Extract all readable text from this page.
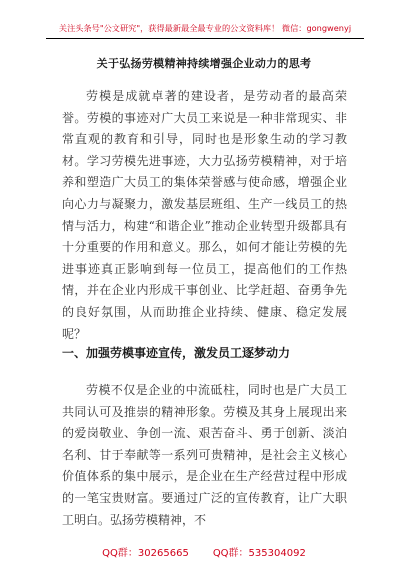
关注头条号"公文研究"，获得最新最全最专业的公文资料库！ 微信：gongwenyj
关于弘扬劳模精神持续增强企业动力的思考

劳模是成就卓著的建设者，是劳动者的最高荣誉。劳模的事迹对广大员工来说是一种非常现实、非常直观的教育和引导，同时也是形象生动的学习教材。学习劳模先进事迹，大力弘扬劳模精神，对于培养和塑造广大员工的集体荣誉感与使命感，增强企业向心力与凝聚力，激发基层班组、生产一线员工的热情与活力，构建“和谐企业”推动企业转型升级都具有十分重要的作用和意义。那么，如何才能让劳模的先进事迹真正影响到每一位员工，提高他们的工作热情，并在企业内形成干事创业、比学赶超、奋勇争先的良好氛围，从而助推企业持续、健康、稳定发展呢？

一、加强劳模事迹宣传，激发员工逐梦动力

劳模不仅是企业的中流砥柱，同时也是广大员工共同认可及推崇的精神形象。劳模及其身上展现出来的爱岗敬业、争创一流、艰苦奋斗、勇于创新、淡泊名利、甘于奉献等一系列可贵精神，是社会主义核心价值体系的集中展示，是企业在生产经营过程中形成的一笔宝贵财富。要通过广泛的宣传教育，让广大职工明白。弘扬劳模精神，不

QQ群：30265665 QQ群：535304092
